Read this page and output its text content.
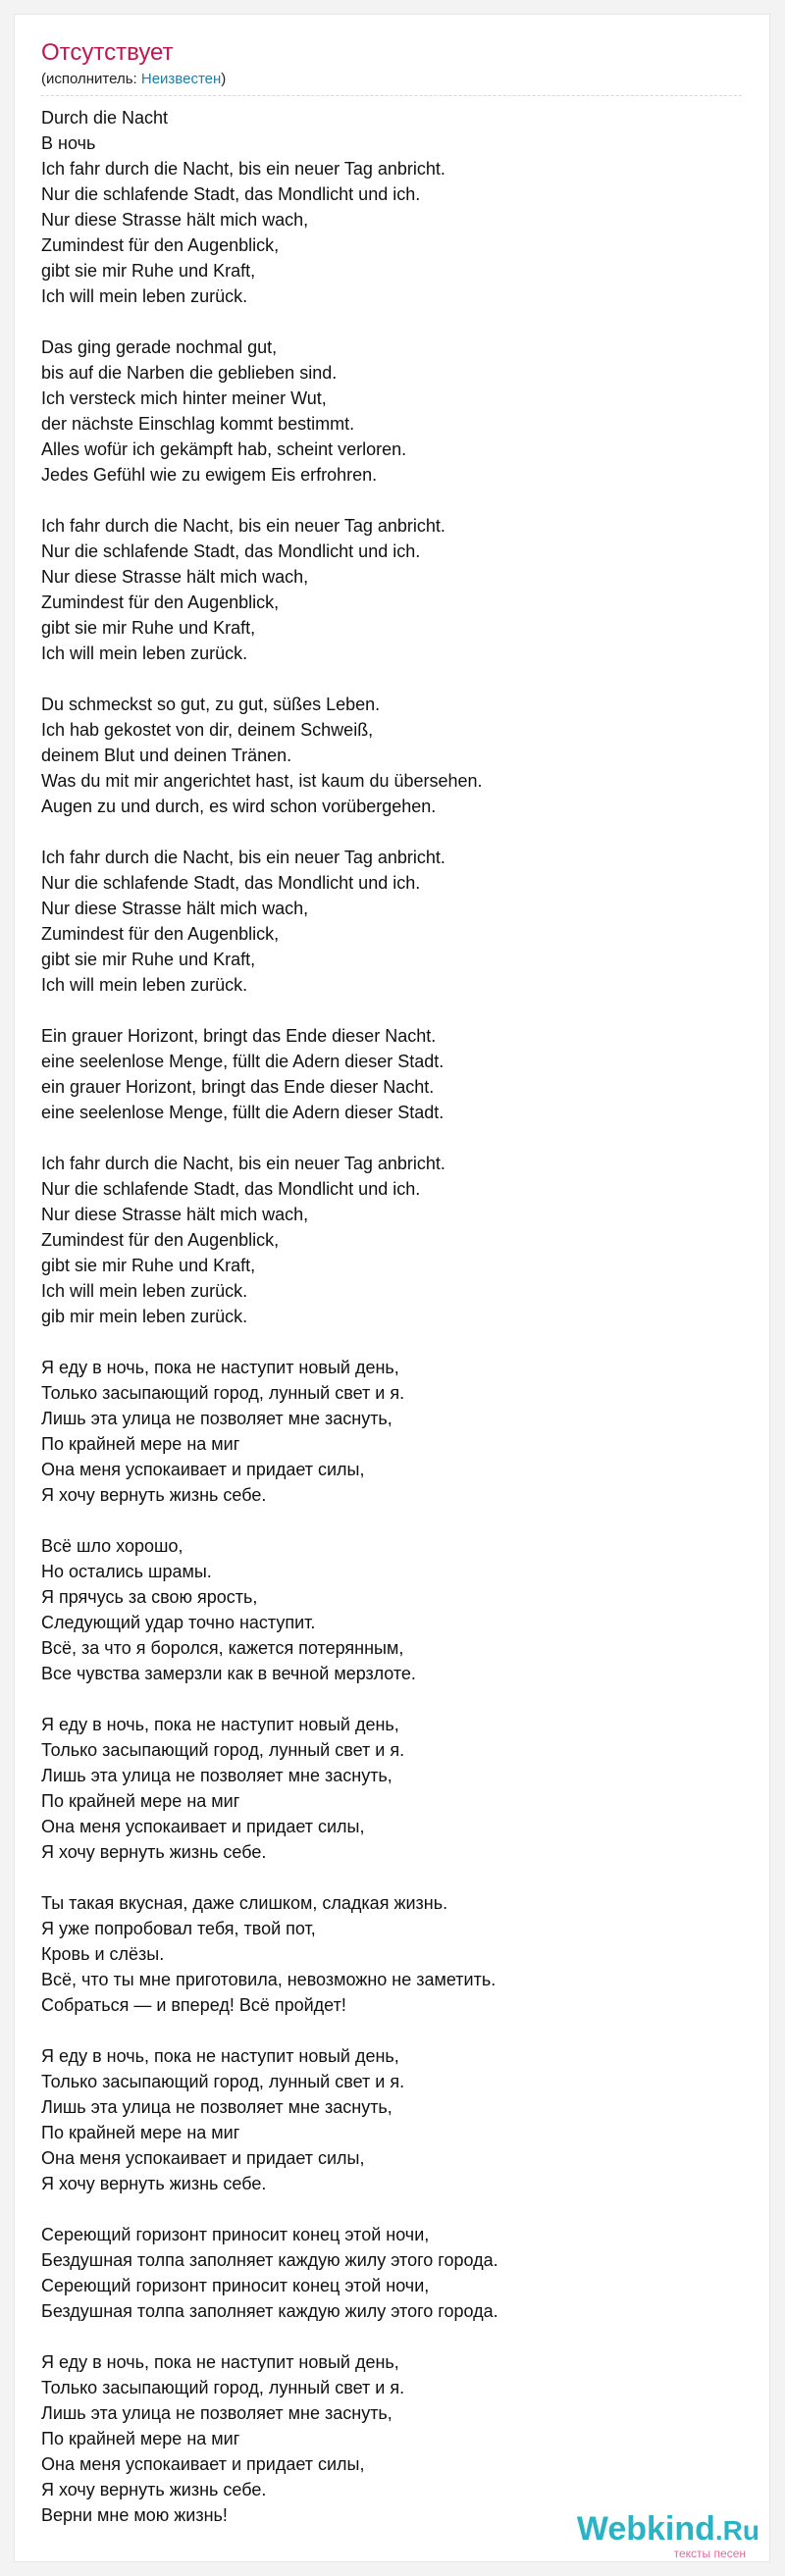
Отсутствует
(исполнитель: Неизвестен)
Durch die Nacht
В ночь
Ich fahr durch die Nacht, bis ein neuer Tag anbricht.
Nur die schlafende Stadt, das Mondlicht und ich.
Nur diese Strasse hält mich wach,
Zumindest für den Augenblick,
gibt sie mir Ruhe und Kraft,
Ich will mein leben zurück.
Das ging gerade nochmal gut,
bis auf die Narben die geblieben sind.
Ich versteck mich hinter meiner Wut,
der nächste Einschlag kommt bestimmt.
Alles wofür ich gekämpft hab, scheint verloren.
Jedes Gefühl wie zu ewigem Eis erfrohren.
Ich fahr durch die Nacht, bis ein neuer Tag anbricht.
Nur die schlafende Stadt, das Mondlicht und ich.
Nur diese Strasse hält mich wach,
Zumindest für den Augenblick,
gibt sie mir Ruhe und Kraft,
Ich will mein leben zurück.
Du schmeckst so gut, zu gut, süßes Leben.
Ich hab gekostet von dir, deinem Schweiß,
deinem Blut und deinen Tränen.
Was du mit mir angerichtet hast, ist kaum du übersehen.
Augen zu und durch, es wird schon vorübergehen.
Ich fahr durch die Nacht, bis ein neuer Tag anbricht.
Nur die schlafende Stadt, das Mondlicht und ich.
Nur diese Strasse hält mich wach,
Zumindest für den Augenblick,
gibt sie mir Ruhe und Kraft,
Ich will mein leben zurück.
Ein grauer Horizont, bringt das Ende dieser Nacht.
eine seelenlose Menge, füllt die Adern dieser Stadt.
ein grauer Horizont, bringt das Ende dieser Nacht.
eine seelenlose Menge, füllt die Adern dieser Stadt.
Ich fahr durch die Nacht, bis ein neuer Tag anbricht.
Nur die schlafende Stadt, das Mondlicht und ich.
Nur diese Strasse hält mich wach,
Zumindest für den Augenblick,
gibt sie mir Ruhe und Kraft,
Ich will mein leben zurück.
gib mir mein leben zurück.
Я еду в ночь, пока не наступит новый день,
Только засыпающий город, лунный свет и я.
Лишь эта улица не позволяет мне заснуть,
По крайней мере на миг
Она меня успокаивает и придает силы,
Я хочу вернуть жизнь себе.
Всё шло хорошо,
Но остались шрамы.
Я прячусь за свою ярость,
Следующий удар точно наступит.
Всё, за что я боролся, кажется потерянным,
Все чувства замерзли как в вечной мерзлоте.
Я еду в ночь, пока не наступит новый день,
Только засыпающий город, лунный свет и я.
Лишь эта улица не позволяет мне заснуть,
По крайней мере на миг
Она меня успокаивает и придает силы,
Я хочу вернуть жизнь себе.
Ты такая вкусная, даже слишком, сладкая жизнь.
Я уже попробовал тебя, твой пот,
Кровь и слёзы.
Всё, что ты мне приготовила, невозможно не заметить.
Собраться — и вперед! Всё пройдет!
Я еду в ночь, пока не наступит новый день,
Только засыпающий город, лунный свет и я.
Лишь эта улица не позволяет мне заснуть,
По крайней мере на миг
Она меня успокаивает и придает силы,
Я хочу вернуть жизнь себе.
Сереющий горизонт приносит конец этой ночи,
Бездушная толпа заполняет каждую жилу этого города.
Сереющий горизонт приносит конец этой ночи,
Бездушная толпа заполняет каждую жилу этого города.
Я еду в ночь, пока не наступит новый день,
Только засыпающий город, лунный свет и я.
Лишь эта улица не позволяет мне заснуть,
По крайней мере на миг
Она меня успокаивает и придает силы,
Я хочу вернуть жизнь себе.
Верни мне мою жизнь!	Webkind.Ru
тексты песен
